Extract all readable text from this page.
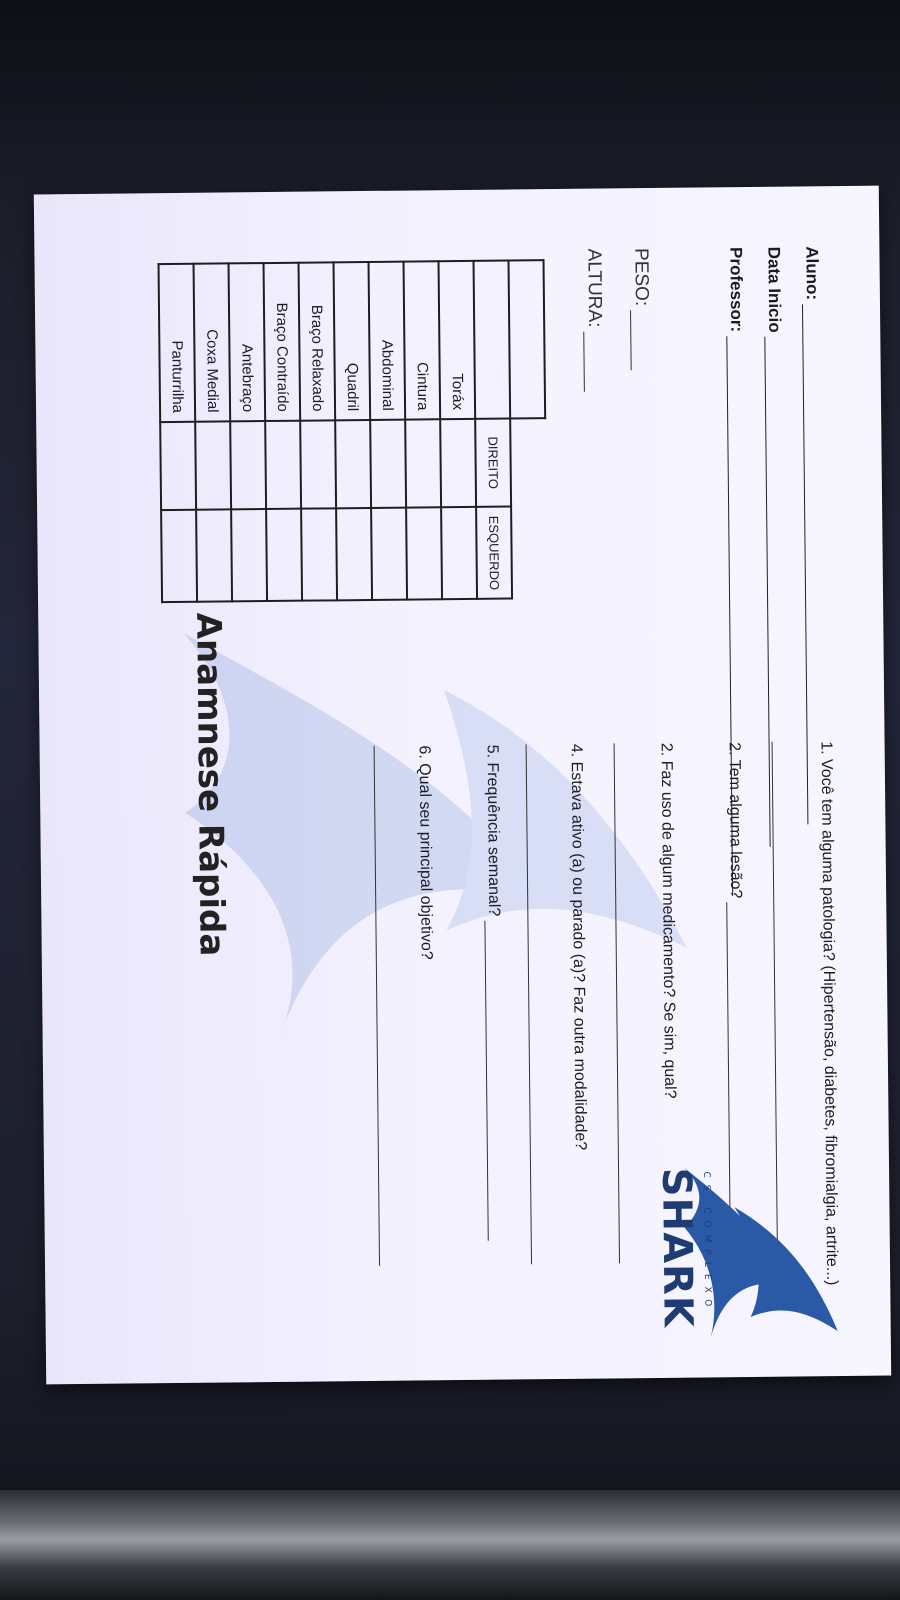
Aluno:
Data Inicio
Professor:
PESO:
ALTURA:

	DIREITO	ESQUERDO
Toráx		
Cintura		
Abdominal		
Quadril		
Braço Relaxado		
Braço Contraído		
Antebraço		
Coxa Medial		
Panturrilha		
Anamnese Rápida	1. Você tem alguma patologia? (Hipertensão, diabetes, fibromialgia, artrite...)
2. Tem alguma lesão?
2. Faz uso de algum medicamento? Se sim, qual?
4. Estava ativo (a) ou parado (a)? Faz outra modalidade?
5. Frequência semanal?
6. Qual seu principal objetivo?
CS COMPLEXO
SHARK
